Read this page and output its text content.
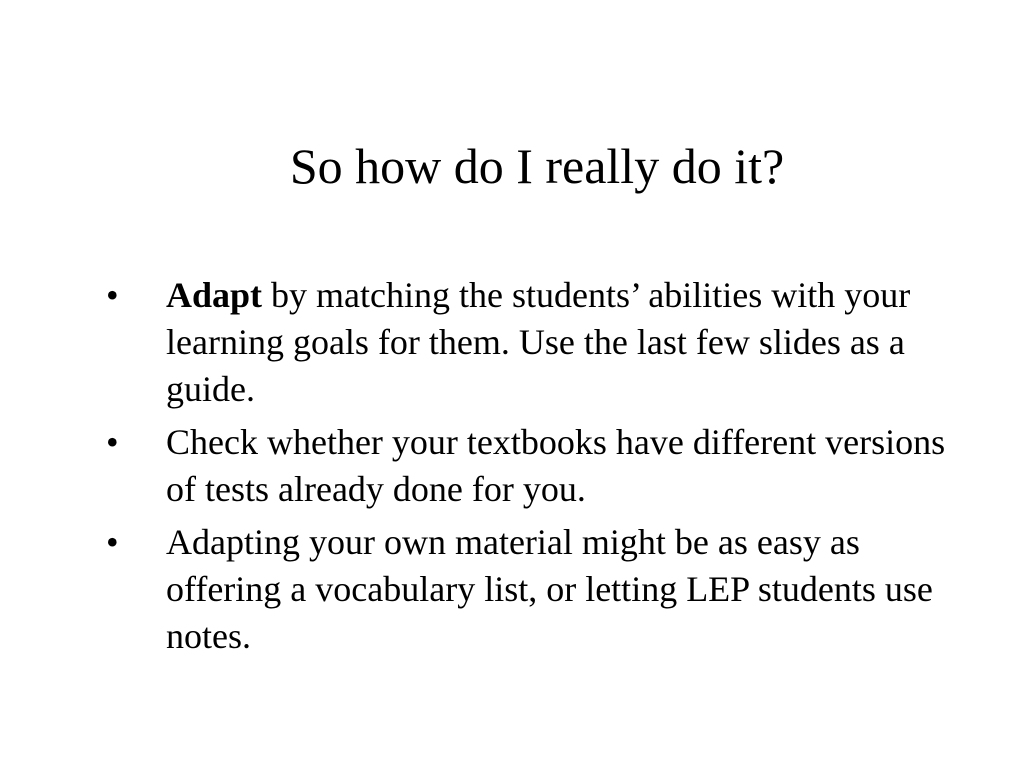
So how do I really do it?
•	Adapt by matching the students’ abilities with your learning goals for them. Use the last few slides as a guide.
•	Check whether your textbooks have different versions of tests already done for you.
•	Adapting your own material might be as easy as offering a vocabulary list, or letting LEP students use notes.
